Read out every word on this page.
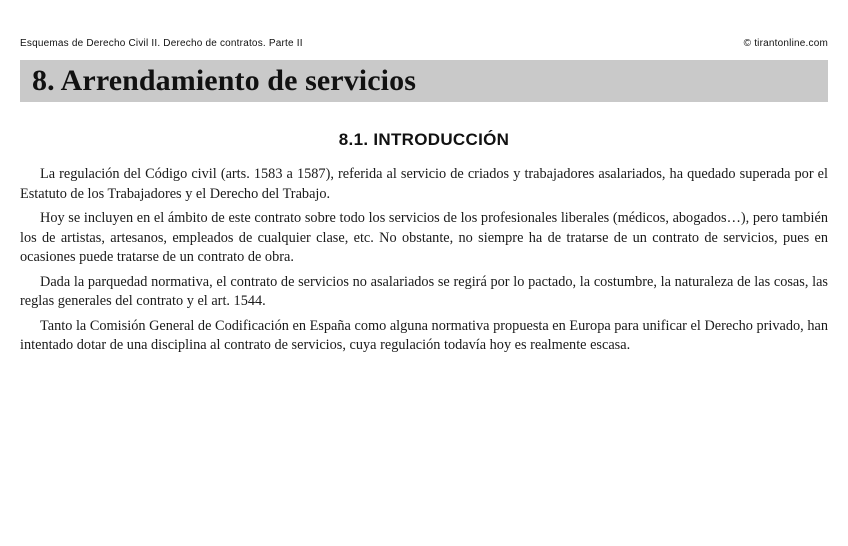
Esquemas de Derecho Civil II. Derecho de contratos. Parte II	© tirantonline.com
8. Arrendamiento de servicios
8.1. INTRODUCCIÓN

La regulación del Código civil (arts. 1583 a 1587), referida al servicio de criados y trabajadores asalariados, ha quedado superada por el Estatuto de los Trabajadores y el Derecho del Trabajo.

Hoy se incluyen en el ámbito de este contrato sobre todo los servicios de los profesionales liberales (médicos, abogados…), pero también los de artistas, artesanos, empleados de cualquier clase, etc. No obstante, no siempre ha de tratarse de un contrato de servicios, pues en ocasiones puede tratarse de un contrato de obra.

Dada la parquedad normativa, el contrato de servicios no asalariados se regirá por lo pactado, la costumbre, la naturaleza de las cosas, las reglas generales del contrato y el art. 1544.

Tanto la Comisión General de Codificación en España como alguna normativa propuesta en Europa para unificar el Derecho privado, han intentado dotar de una disciplina al contrato de servicios, cuya regulación todavía hoy es realmente escasa.
